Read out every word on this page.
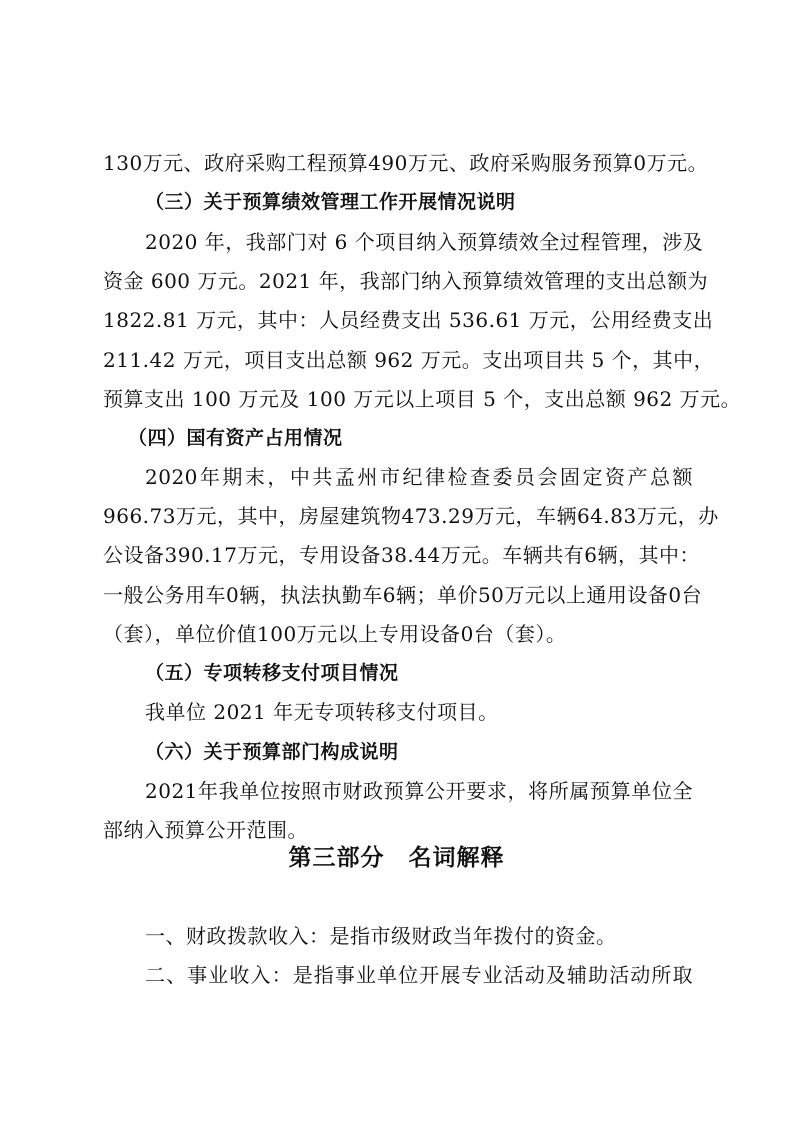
130万元、政府采购工程预算490万元、政府采购服务预算0万元。
（三）关于预算绩效管理工作开展情况说明
2020 年，我部门对 6 个项目纳入预算绩效全过程管理，涉及
资金 600 万元。2021 年，我部门纳入预算绩效管理的支出总额为
1822.81 万元，其中：人员经费支出 536.61 万元，公用经费支出
211.42 万元，项目支出总额 962 万元。支出项目共 5 个，其中，
预算支出 100 万元及 100 万元以上项目 5 个，支出总额 962 万元。
（四）国有资产占用情况
2020年期末，中共孟州市纪律检查委员会固定资产总额
966.73万元，其中，房屋建筑物473.29万元，车辆64.83万元，办
公设备390.17万元，专用设备38.44万元。车辆共有6辆，其中：
一般公务用车0辆，执法执勤车6辆；单价50万元以上通用设备0台
（套），单位价值100万元以上专用设备0台（套）。
（五）专项转移支付项目情况
我单位 2021 年无专项转移支付项目。
（六）关于预算部门构成说明
2021年我单位按照市财政预算公开要求，将所属预算单位全
部纳入预算公开范围。
第三部分　名词解释
一、财政拨款收入：是指市级财政当年拨付的资金。
二、事业收入：是指事业单位开展专业活动及辅助活动所取
